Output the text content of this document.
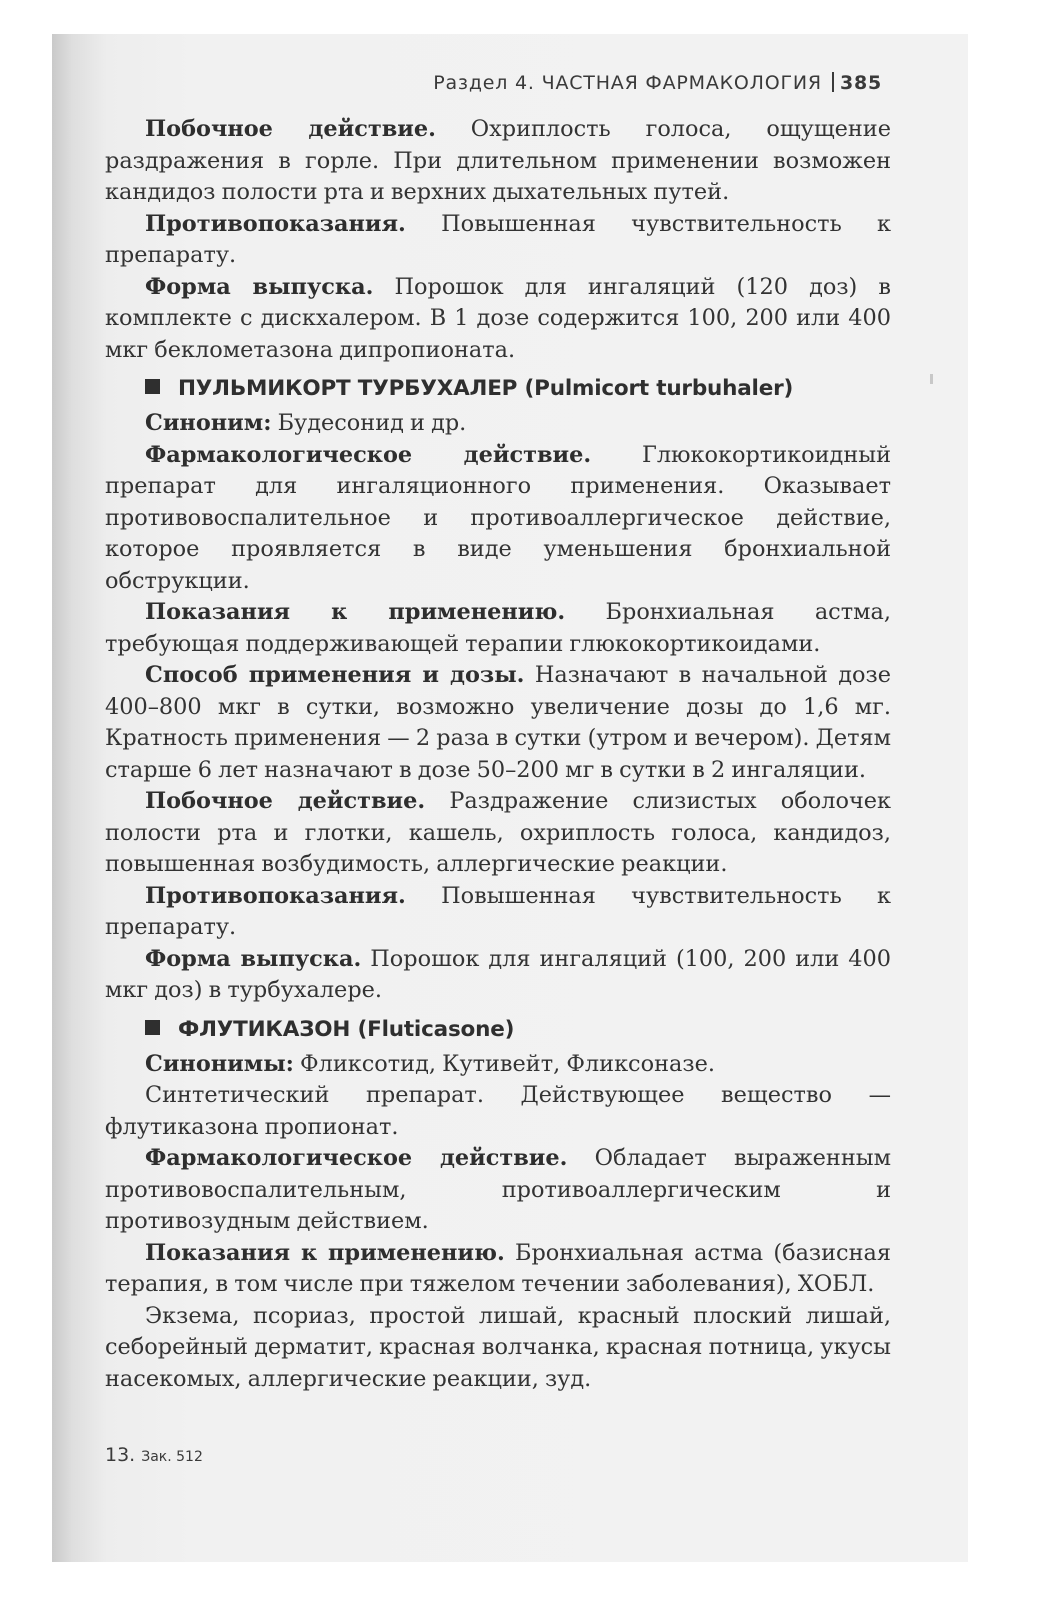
Раздел 4. ЧАСТНАЯ ФАРМАКОЛОГИЯ 385

Побочное действие. Охриплость голоса, ощущение раздражения в горле. При длительном применении возможен кандидоз полости рта и верхних дыхательных путей.

Противопоказания. Повышенная чувствительность к препарату.

Форма выпуска. Порошок для ингаляций (120 доз) в комплекте с дискхалером. В 1 дозе содержится 100, 200 или 400 мкг беклометазона дипропионата.

ПУЛЬМИКОРТ ТУРБУХАЛЕР (Pulmicort turbuhaler)

Синоним: Будесонид и др.

Фармакологическое действие. Глюкокортикоидный препарат для ингаляционного применения. Оказывает противовоспалительное и противоаллергическое действие, которое проявляется в виде уменьшения бронхиальной обструкции.

Показания к применению. Бронхиальная астма, требующая поддерживающей терапии глюкокортикоидами.

Способ применения и дозы. Назначают в начальной дозе 400–800 мкг в сутки, возможно увеличение дозы до 1,6 мг. Кратность применения — 2 раза в сутки (утром и вечером). Детям старше 6 лет назначают в дозе 50–200 мг в сутки в 2 ингаляции.

Побочное действие. Раздражение слизистых оболочек полости рта и глотки, кашель, охриплость голоса, кандидоз, повышенная возбудимость, аллергические реакции.

Противопоказания. Повышенная чувствительность к препарату.

Форма выпуска. Порошок для ингаляций (100, 200 или 400 мкг доз) в турбухалере.

ФЛУТИКАЗОН (Fluticasone)

Синонимы: Фликсотид, Кутивейт, Фликсоназе.

Синтетический препарат. Действующее вещество — флутиказона пропионат.

Фармакологическое действие. Обладает выраженным противовоспалительным, противоаллергическим и противозудным действием.

Показания к применению. Бронхиальная астма (базисная терапия, в том числе при тяжелом течении заболевания), ХОБЛ.

Экзема, псориаз, простой лишай, красный плоский лишай, себорейный дерматит, красная волчанка, красная потница, укусы насекомых, аллергические реакции, зуд.

13. Зак. 512
